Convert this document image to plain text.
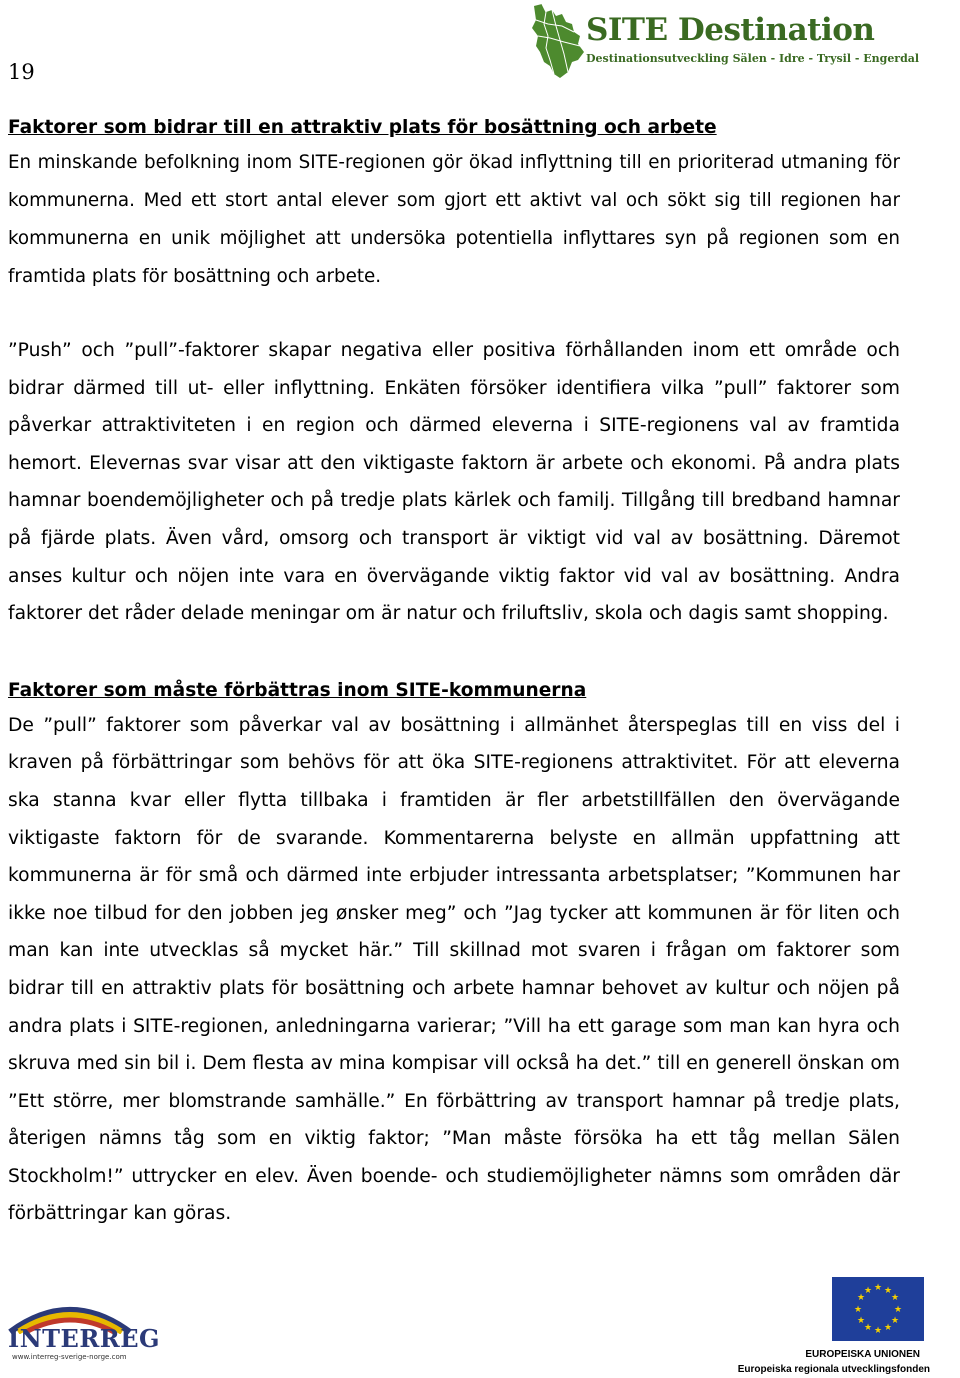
19
SITE Destination
Destinationsutveckling Sälen - Idre - Trysil - Engerdal

Faktorer som bidrar till en attraktiv plats för bosättning och arbete

En minskande befolkning inom SITE-regionen gör ökad inflyttning till en prioriterad utmaning för kommunerna. Med ett stort antal elever som gjort ett aktivt val och sökt sig till regionen har kommunerna en unik möjlighet att undersöka potentiella inflyttares syn på regionen som en framtida plats för bosättning och arbete.

”Push” och ”pull”-faktorer skapar negativa eller positiva förhållanden inom ett område och bidrar därmed till ut- eller inflyttning. Enkäten försöker identifiera vilka ”pull” faktorer som påverkar attraktiviteten i en region och därmed eleverna i SITE-regionens val av framtida hemort. Elevernas svar visar att den viktigaste faktorn är arbete och ekonomi. På andra plats hamnar boendemöjligheter och på tredje plats kärlek och familj. Tillgång till bredband hamnar på fjärde plats. Även vård, omsorg och transport är viktigt vid val av bosättning. Däremot anses kultur och nöjen inte vara en övervägande viktig faktor vid val av bosättning. Andra faktorer det råder delade meningar om är natur och friluftsliv, skola och dagis samt shopping.

Faktorer som måste förbättras inom SITE-kommunerna

De ”pull” faktorer som påverkar val av bosättning i allmänhet återspeglas till en viss del i kraven på förbättringar som behövs för att öka SITE-regionens attraktivitet. För att eleverna ska stanna kvar eller flytta tillbaka i framtiden är fler arbetstillfällen den övervägande viktigaste faktorn för de svarande. Kommentarerna belyste en allmän uppfattning att kommunerna är för små och därmed inte erbjuder intressanta arbetsplatser; ”Kommunen har ikke noe tilbud for den jobben jeg ønsker meg” och ”Jag tycker att kommunen är för liten och man kan inte utvecklas så mycket här.” Till skillnad mot svaren i frågan om faktorer som bidrar till en attraktiv plats för bosättning och arbete hamnar behovet av kultur och nöjen på andra plats i SITE-regionen, anledningarna varierar; ”Vill ha ett garage som man kan hyra och skruva med sin bil i. Dem flesta av mina kompisar vill också ha det.” till en generell önskan om ”Ett större, mer blomstrande samhälle.” En förbättring av transport hamnar på tredje plats, återigen nämns tåg som en viktig faktor; ”Man måste försöka ha ett tåg mellan Sälen Stockholm!” uttrycker en elev. Även boende- och studiemöjligheter nämns som områden där förbättringar kan göras.

INTERREG
www.interreg-sverige-norge.com
★ ★
★
★
★
★
★
★
★
★
★
★
EUROPEISKA UNIONEN
Europeiska regionala utvecklingsfonden
